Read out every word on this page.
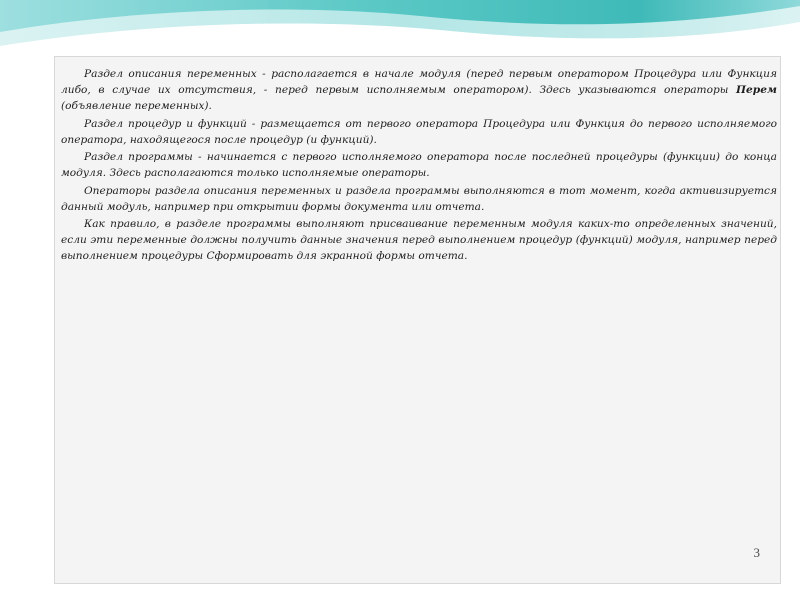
Раздел описания переменных - располагается в начале модуля (перед первым оператором Процедура или Функция либо, в случае их отсутствия, - перед первым исполняемым оператором). Здесь указываются операторы Перем (объявление переменных).

Раздел процедур и функций - размещается от первого оператора Процедура или Функция до первого исполняемого оператора, находящегося после процедур (и функций).

Раздел программы - начинается с первого исполняемого оператора после последней процедуры (функции) до конца модуля. Здесь располагаются только исполняемые операторы.

Операторы раздела описания переменных и раздела программы выполняются в тот момент, когда активизируется данный модуль, например при открытии формы документа или отчета.

Как правило, в разделе программы выполняют присваивание переменным модуля каких-то определенных значений, если эти переменные должны получить данные значения перед выполнением процедур (функций) модуля, например перед выполнением процедуры Сформировать для экранной формы отчета.

3
